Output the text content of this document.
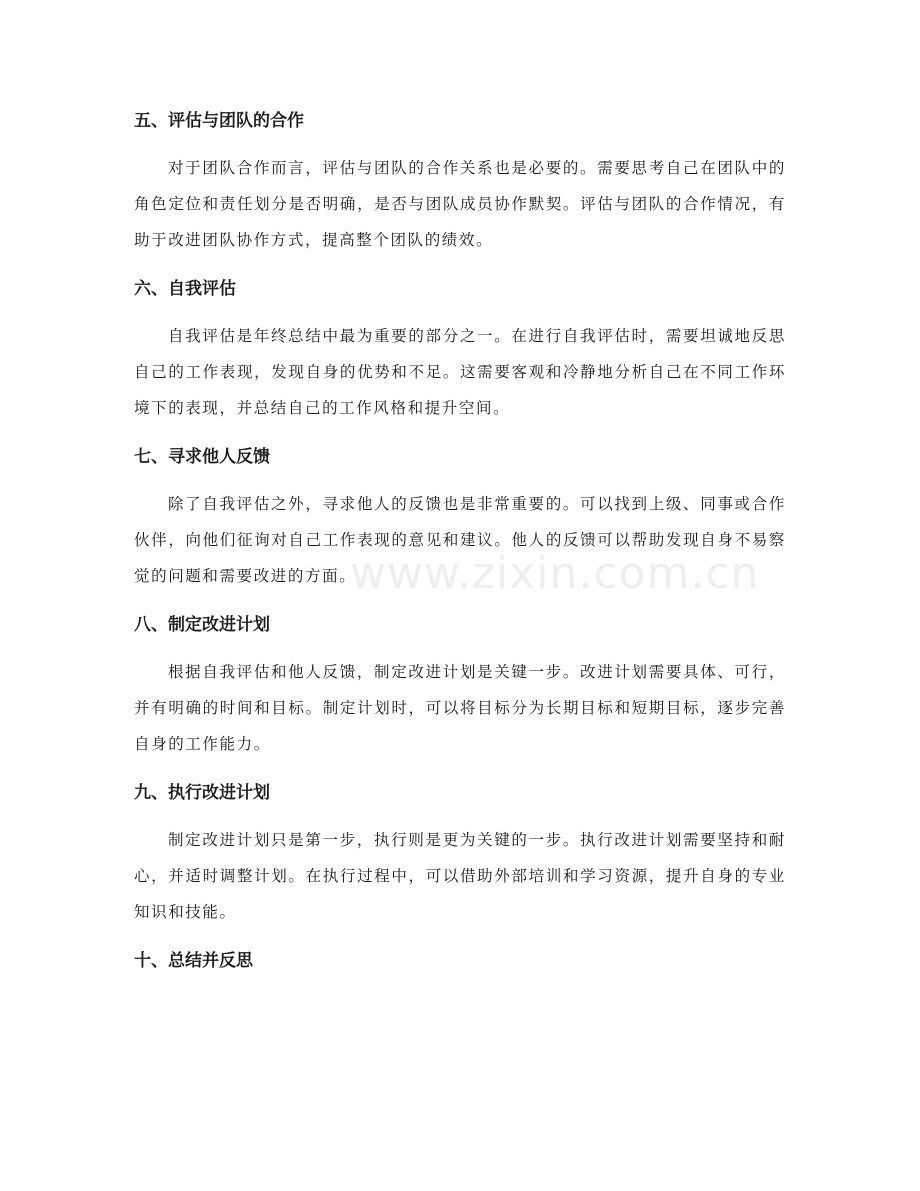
五、评估与团队的合作

对于团队合作而言，评估与团队的合作关系也是必要的。需要思考自己在团队中的角色定位和责任划分是否明确，是否与团队成员协作默契。评估与团队的合作情况，有助于改进团队协作方式，提高整个团队的绩效。

六、自我评估

自我评估是年终总结中最为重要的部分之一。在进行自我评估时，需要坦诚地反思自己的工作表现，发现自身的优势和不足。这需要客观和冷静地分析自己在不同工作环境下的表现，并总结自己的工作风格和提升空间。

七、寻求他人反馈

除了自我评估之外，寻求他人的反馈也是非常重要的。可以找到上级、同事或合作伙伴，向他们征询对自己工作表现的意见和建议。他人的反馈可以帮助发现自身不易察觉的问题和需要改进的方面。

八、制定改进计划

根据自我评估和他人反馈，制定改进计划是关键一步。改进计划需要具体、可行，并有明确的时间和目标。制定计划时，可以将目标分为长期目标和短期目标，逐步完善自身的工作能力。

九、执行改进计划

制定改进计划只是第一步，执行则是更为关键的一步。执行改进计划需要坚持和耐心，并适时调整计划。在执行过程中，可以借助外部培训和学习资源，提升自身的专业知识和技能。

十、总结并反思
www.zixin.com.cn
